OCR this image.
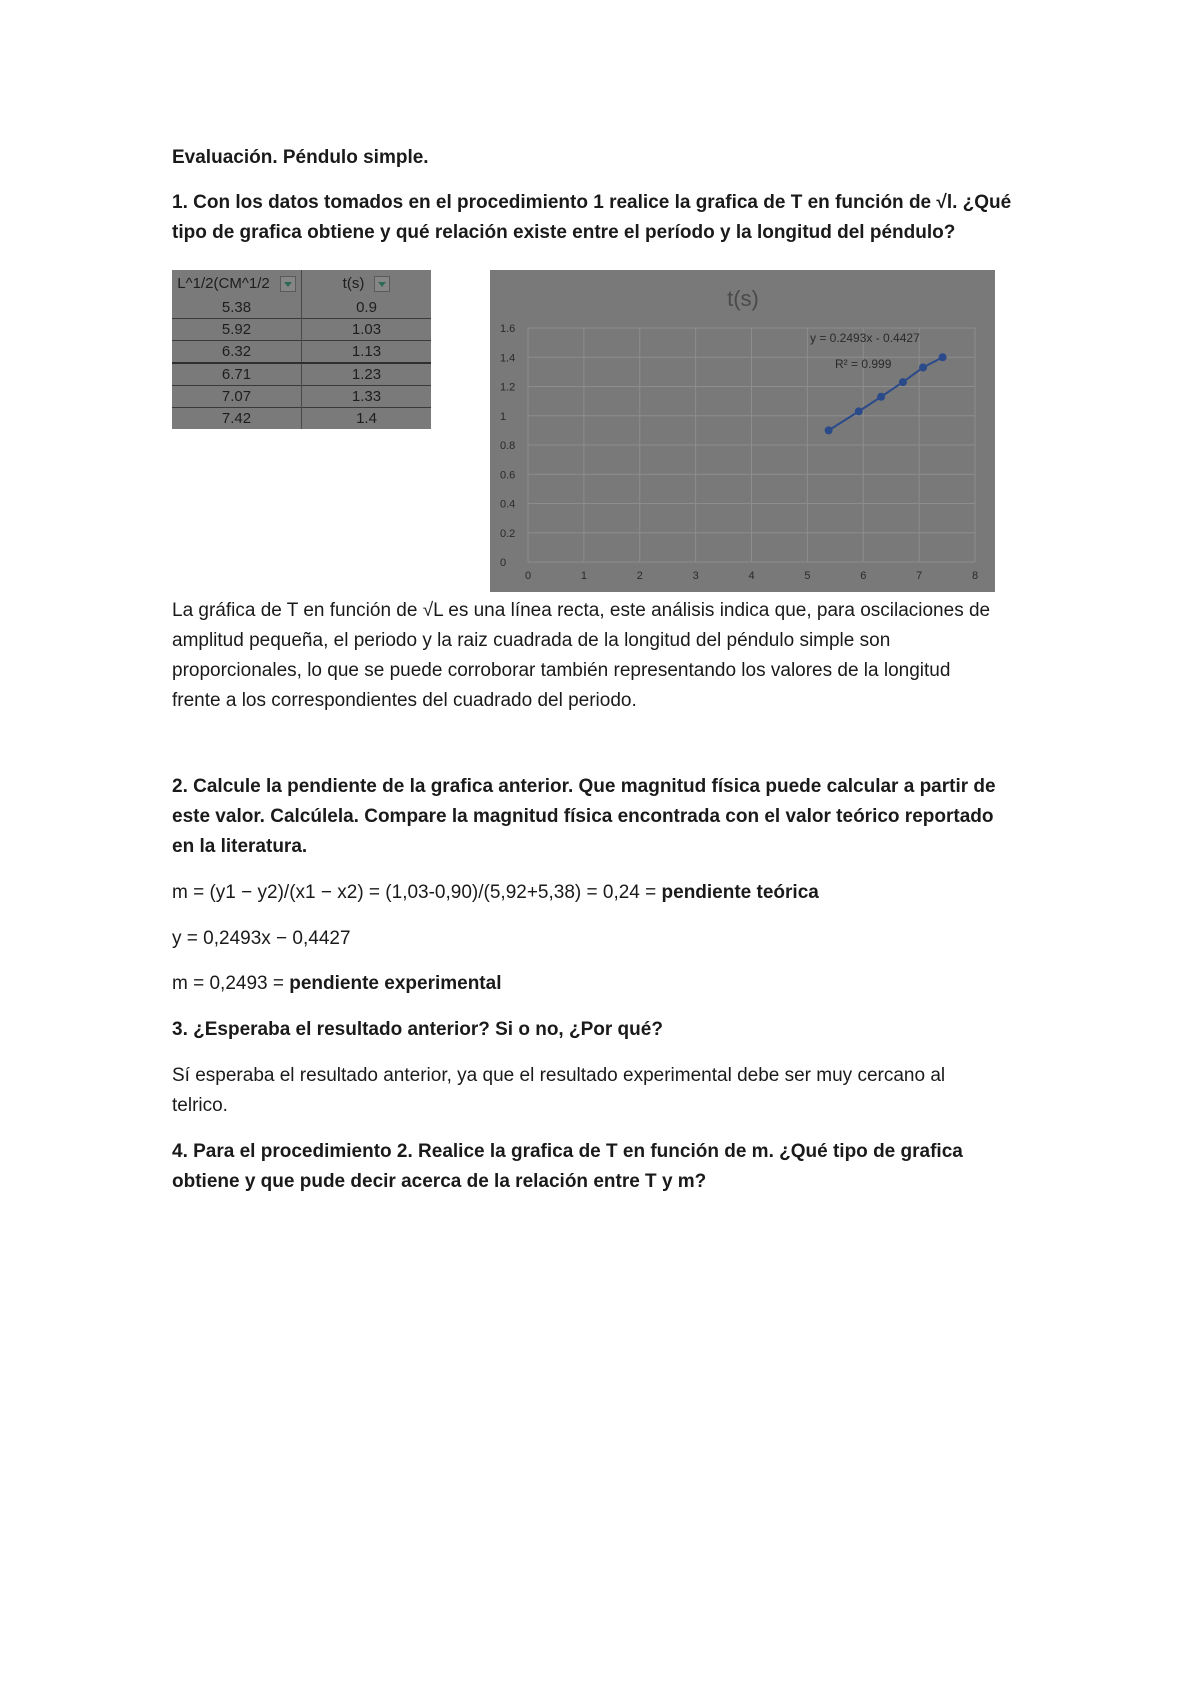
Evaluación. Péndulo simple.

1. Con los datos tomados en el procedimiento 1 realice la grafica de T en función de √l. ¿Qué

tipo de grafica obtiene y qué relación existe entre el período y la longitud del péndulo?

L^1/2(CM^1/2	t(s)
5.38	0.9
5.92	1.03
6.32	1.13
6.71	1.23
7.07	1.33
7.42	1.4
t(s)
0	1	2	3	4	5	6	7	8
0
0.2
0.4
0.6
0.8
1
1.2
1.4
1.6
y = 0.2493x - 0.4427
R² = 0.999

La gráfica de T en función de √L es una línea recta, este análisis indica que, para oscilaciones de

amplitud pequeña, el periodo y la raiz cuadrada de la longitud del péndulo simple son

proporcionales, lo que se puede corroborar también representando los valores de la longitud

frente a los correspondientes del cuadrado del periodo.

2. Calcule la pendiente de la grafica anterior. Que magnitud física puede calcular a partir de

este valor. Calcúlela. Compare la magnitud física encontrada con el valor teórico reportado

en la literatura.

m = (y1 − y2)/(x1 − x2) = (1,03-0,90)/(5,92+5,38) = 0,24 = pendiente teórica

y = 0,2493x − 0,4427

m = 0,2493 = pendiente experimental

3. ¿Esperaba el resultado anterior? Si o no, ¿Por qué?

Sí esperaba el resultado anterior, ya que el resultado experimental debe ser muy cercano al

telrico.

4. Para el procedimiento 2. Realice la grafica de T en función de m. ¿Qué tipo de grafica

obtiene y que pude decir acerca de la relación entre T y m?
